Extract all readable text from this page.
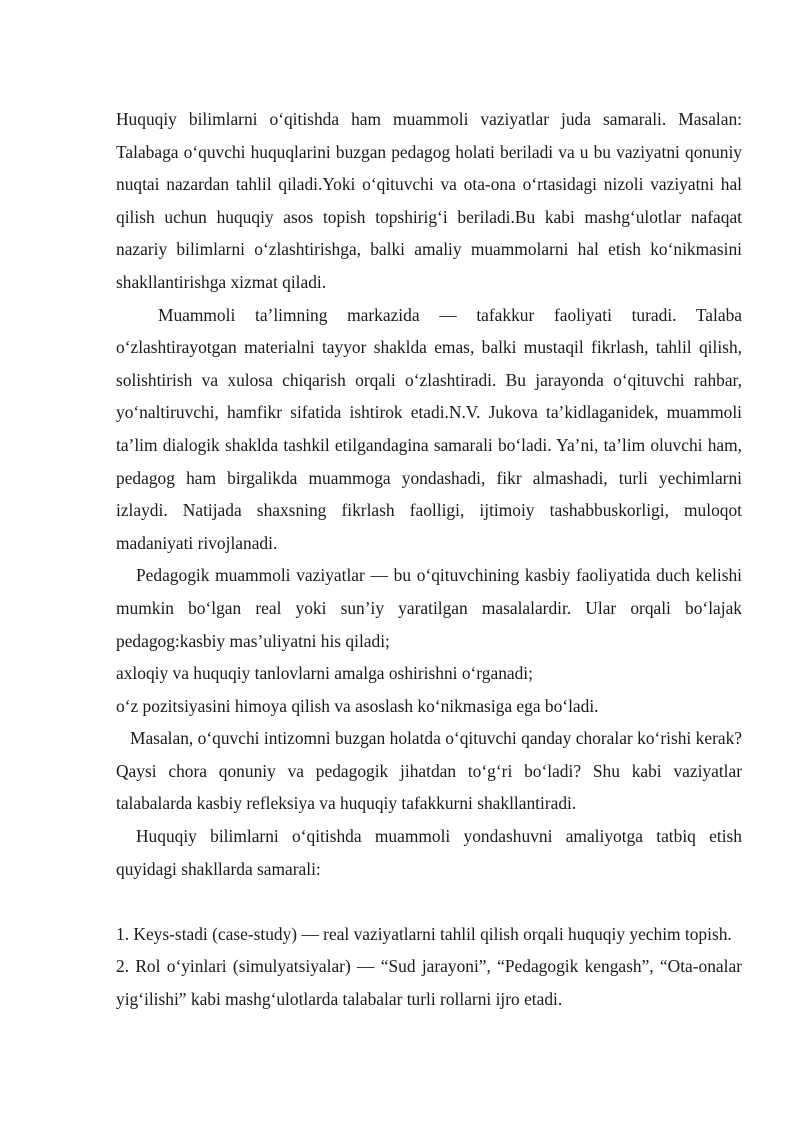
Huquqiy bilimlarni o‘qitishda ham muammoli vaziyatlar juda samarali. Masalan: Talabaga o‘quvchi huquqlarini buzgan pedagog holati beriladi va u bu vaziyatni qonuniy nuqtai nazardan tahlil qiladi.Yoki o‘qituvchi va ota-ona o‘rtasidagi nizoli vaziyatni hal qilish uchun huquqiy asos topish topshirig‘i beriladi.Bu kabi mashg‘ulotlar nafaqat nazariy bilimlarni o‘zlashtirishga, balki amaliy muammolarni hal etish ko‘nikmasini shakllantirishga xizmat qiladi.

Muammoli ta’limning markazida — tafakkur faoliyati turadi. Talaba o‘zlashtirayotgan materialni tayyor shaklda emas, balki mustaqil fikrlash, tahlil qilish, solishtirish va xulosa chiqarish orqali o‘zlashtiradi. Bu jarayonda o‘qituvchi rahbar, yo‘naltiruvchi, hamfikr sifatida ishtirok etadi.N.V. Jukova ta’kidlaganidek, muammoli ta’lim dialogik shaklda tashkil etilgandagina samarali bo‘ladi. Ya’ni, ta’lim oluvchi ham, pedagog ham birgalikda muammoga yondashadi, fikr almashadi, turli yechimlarni izlaydi. Natijada shaxsning fikrlash faolligi, ijtimoiy tashabbuskorligi, muloqot madaniyati rivojlanadi.

Pedagogik muammoli vaziyatlar — bu o‘qituvchining kasbiy faoliyatida duch kelishi mumkin bo‘lgan real yoki sun’iy yaratilgan masalalardir. Ular orqali bo‘lajak pedagog:kasbiy mas’uliyatni his qiladi;

axloqiy va huquqiy tanlovlarni amalga oshirishni o‘rganadi;

o‘z pozitsiyasini himoya qilish va asoslash ko‘nikmasiga ega bo‘ladi.

Masalan, o‘quvchi intizomni buzgan holatda o‘qituvchi qanday choralar ko‘rishi kerak? Qaysi chora qonuniy va pedagogik jihatdan to‘g‘ri bo‘ladi? Shu kabi vaziyatlar talabalarda kasbiy refleksiya va huquqiy tafakkurni shakllantiradi.

Huquqiy bilimlarni o‘qitishda muammoli yondashuvni amaliyotga tatbiq etish quyidagi shakllarda samarali:

1. Keys-stadi (case-study) — real vaziyatlarni tahlil qilish orqali huquqiy yechim topish.

2. Rol o‘yinlari (simulyatsiyalar) — “Sud jarayoni”, “Pedagogik kengash”, “Ota-onalar yig‘ilishi” kabi mashg‘ulotlarda talabalar turli rollarni ijro etadi.
